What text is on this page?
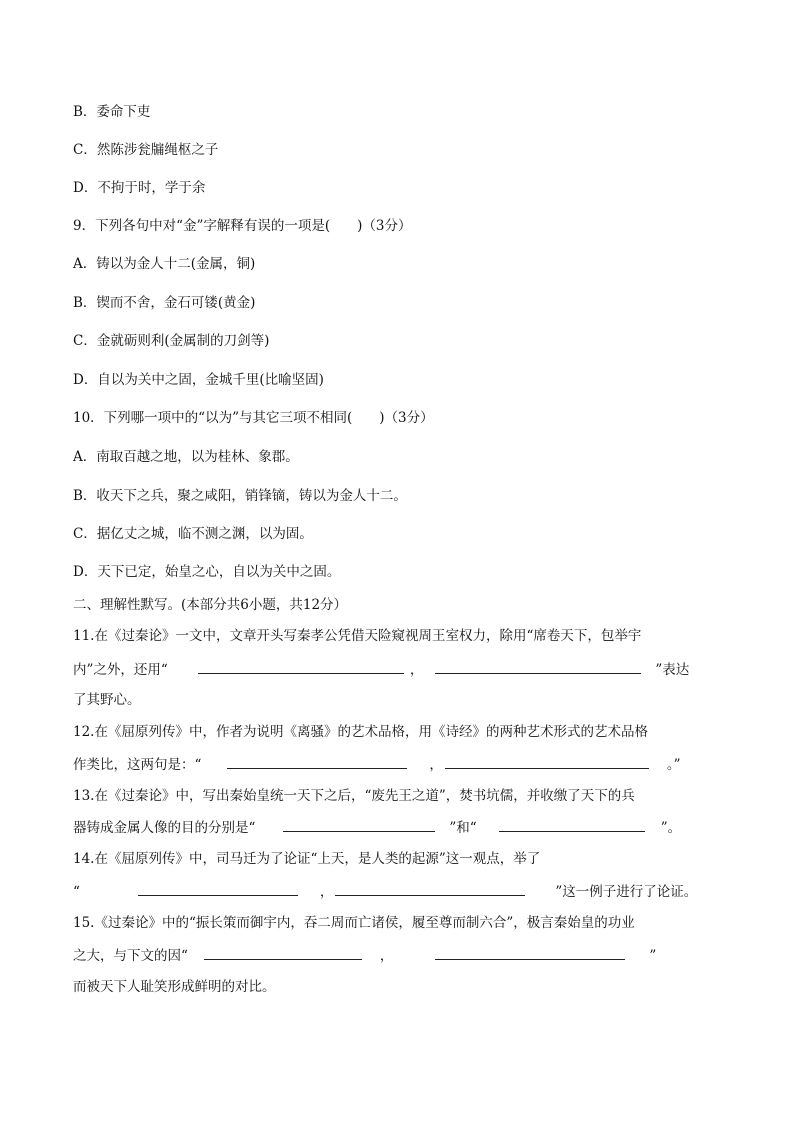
B．委命下吏
C．然陈涉瓮牖绳枢之子
D．不拘于时，学于余
9．下列各句中对“金”字解释有误的一项是(　　)（3分）
A．铸以为金人十二(金属，铜)
B．锲而不舍，金石可镂(黄金)
C．金就砺则利(金属制的刀剑等)
D．自以为关中之固，金城千里(比喻坚固)
10．下列哪一项中的“以为”与其它三项不相同(　　)（3分）
A．南取百越之地，以为桂林、象郡。
B．收天下之兵，聚之咸阳，销锋镝，铸以为金人十二。
C．据亿丈之城，临不测之渊，以为固。
D．天下已定，始皇之心，自以为关中之固。
二、理解性默写。(本部分共6小题，共12分）
11.在《过秦论》一文中，文章开头写秦孝公凭借天险窥视周王室权力，除用“席卷天下，包举宇
内”之外，还用“	，	”表达
了其野心。
12.在《屈原列传》中，作者为说明《离骚》的艺术品格，用《诗经》的两种艺术形式的艺术品格
作类比，这两句是：“	，	。”
13.在《过秦论》中，写出秦始皇统一天下之后，“废先王之道”，焚书坑儒，并收缴了天下的兵
器铸成金属人像的目的分别是“	”和“	”。
14.在《屈原列传》中，司马迁为了论证“上天，是人类的起源”这一观点，举了
“	，	”这一例子进行了论证。
15.《过秦论》中的“振长策而御宇内，吞二周而亡诸侯，履至尊而制六合”，极言秦始皇的功业
之大，与下文的因“	，	”
而被天下人耻笑形成鲜明的对比。
